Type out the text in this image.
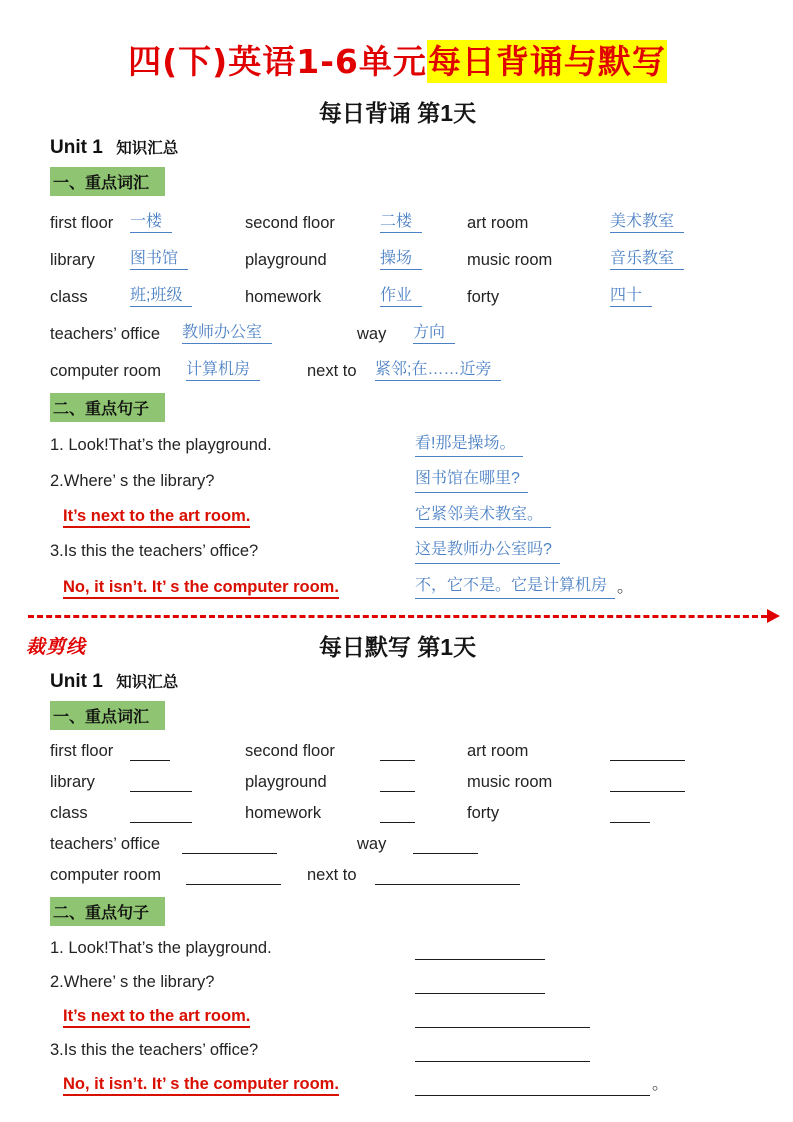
四(下)英语1-6单元每日背诵与默写
每日背诵 第1天
Unit 1 知识汇总
一、重点词汇
first floor	一楼	second floor	二楼	art room	美术教室
library	图书馆	playground	操场	music room	音乐教室
class	班;班级	homework	作业	forty	四十
teachers’ office	教师办公室	way	方向
computer room	计算机房	next to	紧邻;在……近旁
二、重点句子
1. Look!That’s the playground.	看!那是操场。
2.Where’ s the library?	图书馆在哪里?
It’s next to the art room.	它紧邻美术教室。
3.Is this the teachers’ office?	这是教师办公室吗?
No, it isn’t. It’ s the computer room.	不，它不是。它是计算机房 。
裁剪线	每日默写 第1天
Unit 1 知识汇总
一、重点词汇
first floor	second floor	art room
library	playground	music room
class	homework	forty
teachers’ office	way
computer room	next to
二、重点句子
1. Look!That’s the playground.
2.Where’ s the library?
It’s next to the art room.
3.Is this the teachers’ office?
No, it isn’t. It’ s the computer room.	。
